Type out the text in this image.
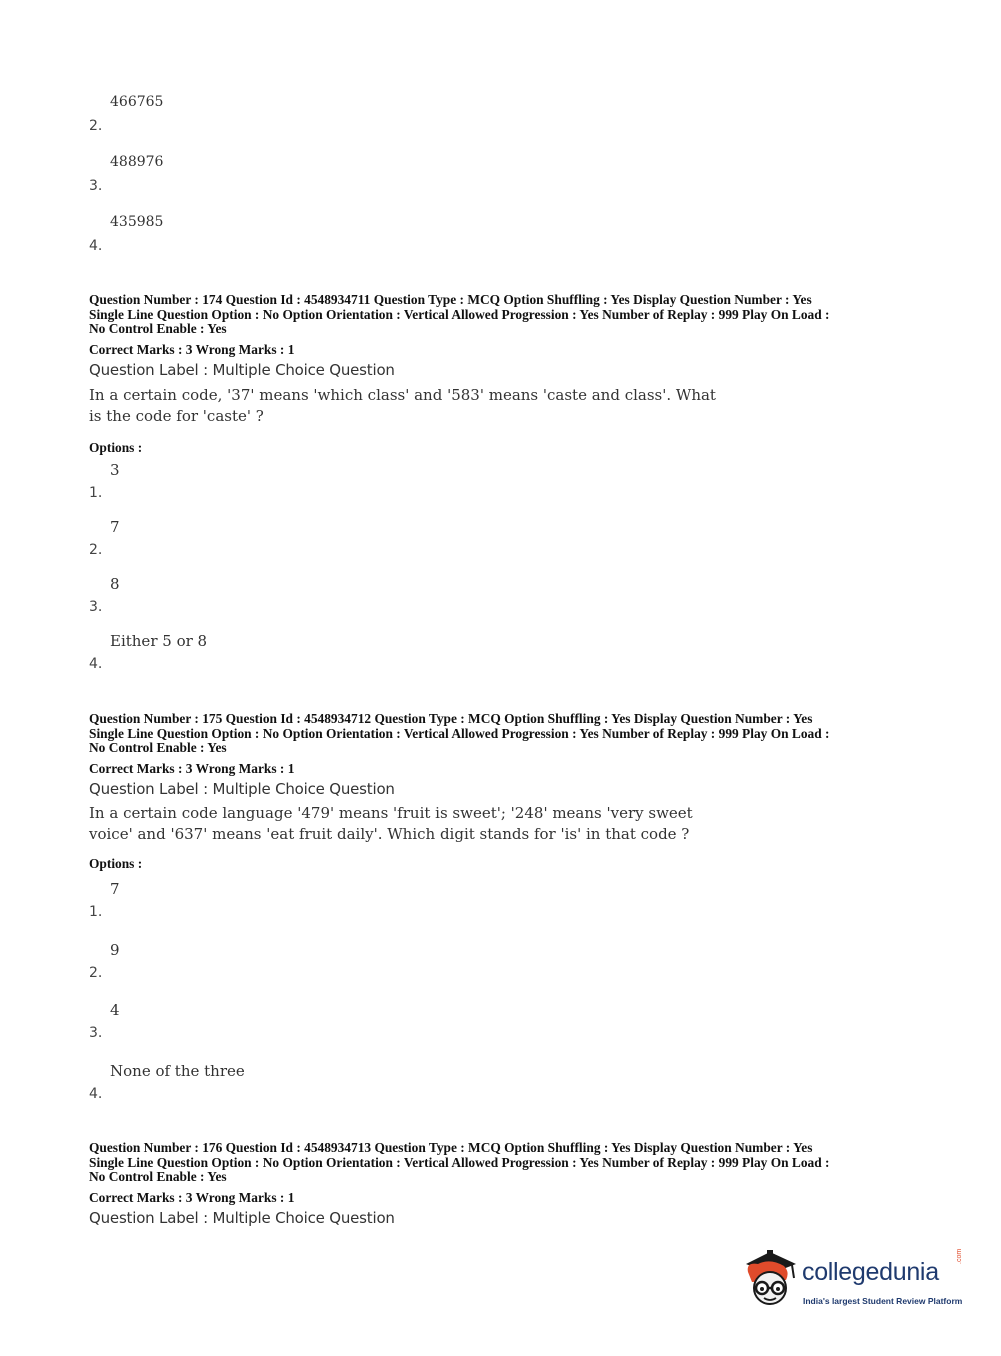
2.
466765
3.
488976
4.
435985
Question Number : 174 Question Id : 4548934711 Question Type : MCQ Option Shuffling : Yes Display Question Number : Yes
Single Line Question Option : No Option Orientation : Vertical Allowed Progression : Yes Number of Replay : 999 Play On Load :
No Control Enable : Yes
Correct Marks : 3 Wrong Marks : 1
Question Label : Multiple Choice Question
In a certain code, '37' means 'which class' and '583' means 'caste and class'. What
is the code for 'caste' ?
Options :
1.
3
2.
7
3.
8
4.
Either 5 or 8
Question Number : 175 Question Id : 4548934712 Question Type : MCQ Option Shuffling : Yes Display Question Number : Yes
Single Line Question Option : No Option Orientation : Vertical Allowed Progression : Yes Number of Replay : 999 Play On Load :
No Control Enable : Yes
Correct Marks : 3 Wrong Marks : 1
Question Label : Multiple Choice Question
In a certain code language '479' means 'fruit is sweet'; '248' means 'very sweet
voice' and '637' means 'eat fruit daily'. Which digit stands for 'is' in that code ?
Options :
1.
7
2.
9
3.
4
4.
None of the three
Question Number : 176 Question Id : 4548934713 Question Type : MCQ Option Shuffling : Yes Display Question Number : Yes
Single Line Question Option : No Option Orientation : Vertical Allowed Progression : Yes Number of Replay : 999 Play On Load :
No Control Enable : Yes
Correct Marks : 3 Wrong Marks : 1
Question Label : Multiple Choice Question
collegedunia
.com
India's largest Student Review Platform
